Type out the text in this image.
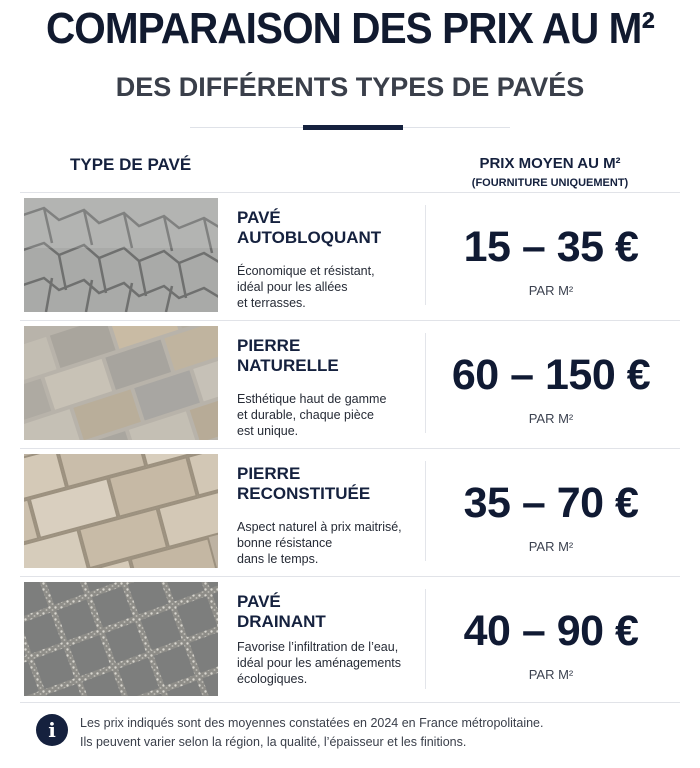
COMPARAISON DES PRIX AU M²
DES DIFFÉRENTS TYPES DE PAVÉS
TYPE DE PAVÉ	PRIX MOYEN AU M²
(FOURNITURE UNIQUEMENT)
PAVÉ
AUTOBLOQUANT
Économique et résistant,
idéal pour les allées
et terrasses.
15 – 35 €
PAR M²
PIERRE
NATURELLE
Esthétique haut de gamme
et durable, chaque pièce
est unique.
60 – 150 €
PAR M²
PIERRE
RECONSTITUÉE
Aspect naturel à prix maitrisé,
bonne résistance
dans le temps.
35 – 70 €
PAR M²
PAVÉ
DRAINANT
Favorise l’infiltration de l’eau,
idéal pour les aménagements
écologiques.
40 – 90 €
PAR M²
i	Les prix indiqués sont des moyennes constatées en 2024 en France métropolitaine.
Ils peuvent varier selon la région, la qualité, l’épaisseur et les finitions.
